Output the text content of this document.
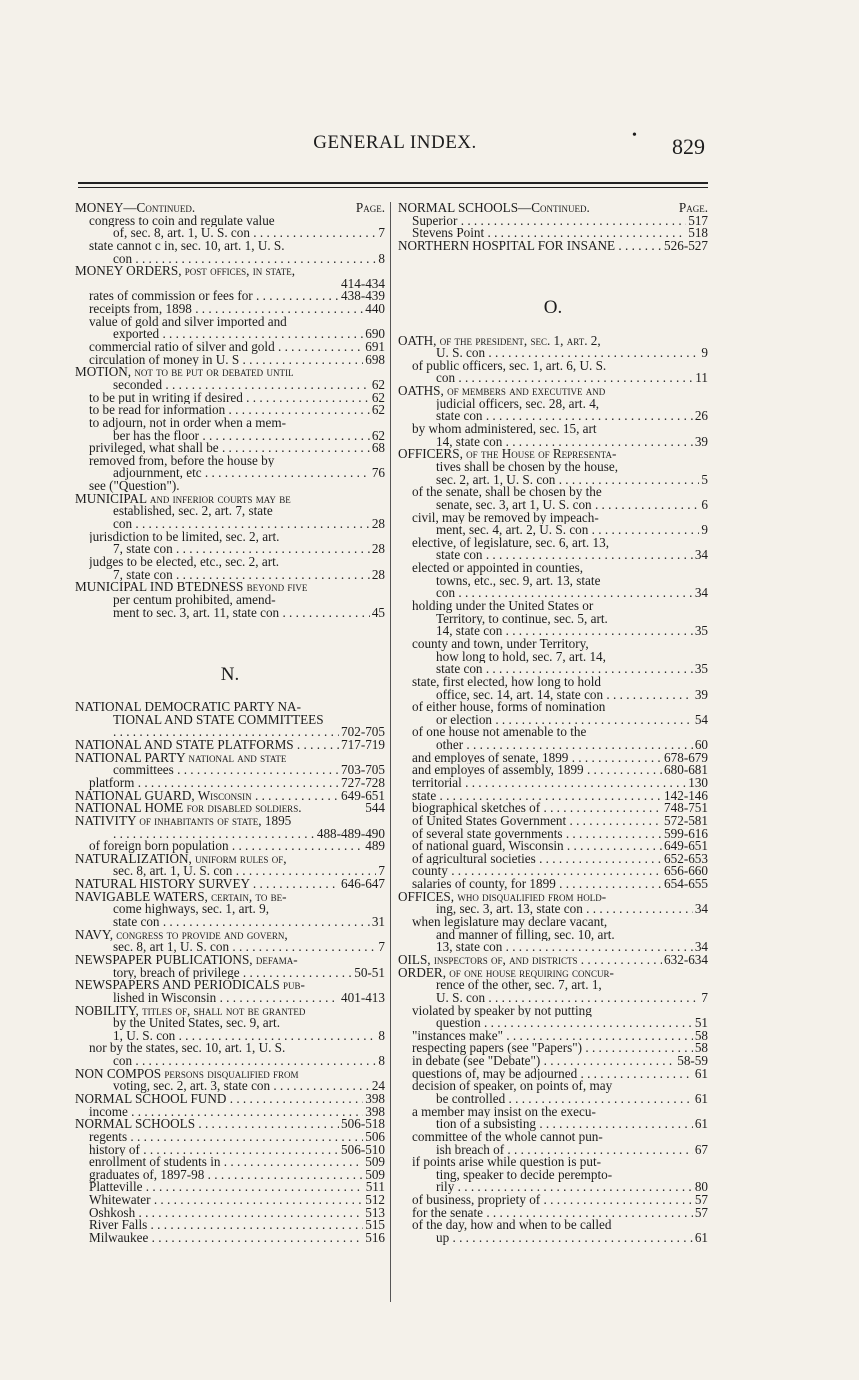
GENERAL INDEX.	• 829
MONEY—Continued.	Page.
congress to coin and regulate value
of, sec. 8, art. 1, U. S. con . . .	7
state cannot c in, sec. 10, art. 1, U. S.
con . . .	8
MONEY ORDERS, post offices, in state,
414-434
rates of commission or fees for . . .	438-439
receipts from, 1898 . . .	440
value of gold and silver imported and
exported . . .	690
commercial ratio of silver and gold . . .	691
circulation of money in U. S . . .	698
MOTION, not to be put or debated until
seconded . . .	62
to be put in writing if desired . . .	62
to be read for information . . .	62
to adjourn, not in order when a mem-
ber has the floor . . .	62
privileged, what shall be . . .	68
removed from, before the house by
adjournment, etc . . .	76
see ("Question").
MUNICIPAL and inferior courts may be
established, sec. 2, art. 7, state
con . . .	28
jurisdiction to be limited, sec. 2, art.
7, state con . . .	28
judges to be elected, etc., sec. 2, art.
7, state con . . .	28
MUNICIPAL IND BTEDNESS beyond five
per centum prohibited, amend-
ment to sec. 3, art. 11, state con . . .	45
N.
NATIONAL DEMOCRATIC PARTY NA-
TIONAL AND STATE COMMITTEES
. . .
702-705
NATIONAL AND STATE PLATFORMS . . .	717-719
NATIONAL PARTY national and state
committees . . .	703-705
platform . . .	727-728
NATIONAL GUARD, Wisconsin . . .	649-651
NATIONAL HOME for disabled soldiers.	544
NATIVITY of inhabitants of state, 1895
. . .
488-489-490
of foreign born population . . .	489
NATURALIZATION, uniform rules of,
sec. 8, art. 1, U. S. con . . .	7
NATURAL HISTORY SURVEY . . .	646-647
NAVIGABLE WATERS, certain, to be-
come highways, sec. 1, art. 9,
state con . . .	31
NAVY, congress to provide and govern,
sec. 8, art 1, U. S. con . . .	7
NEWSPAPER PUBLICATIONS, defama-
tory, breach of privilege . . .	50-51
NEWSPAPERS AND PERIODICALS pub-
lished in Wisconsin . . .	401-413
NOBILITY, titles of, shall not be granted
by the United States, sec. 9, art.
1, U. S. con . . .	8
nor by the states, sec. 10, art. 1, U. S.
con . . .	8
NON COMPOS persons disqualified from
voting, sec. 2, art. 3, state con . . .	24
NORMAL SCHOOL FUND . . .	398
income . . .	398
NORMAL SCHOOLS . . .	506-518
regents . . .	506
history of . . .	506-510
enrollment of students in . . .	509
graduates of, 1897-98 . . .	509
Platteville . . .	511
Whitewater . . .	512
Oshkosh . . .	513
River Falls . . .	515
Milwaukee . . .	516
NORMAL SCHOOLS—Continued.	Page.
Superior . . .	517
Stevens Point . . .	518
NORTHERN HOSPITAL FOR INSANE . . .	526-527
O.
OATH, of the president, sec. 1, art. 2,
U. S. con . . .	9
of public officers, sec. 1, art. 6, U. S.
con . . .	11
OATHS, of members and executive and
judicial officers, sec. 28, art. 4,
state con . . .	26
by whom administered, sec. 15, art
14, state con . . .	39
OFFICERS, of the House of Representa-
tives shall be chosen by the house,
sec. 2, art. 1, U. S. con . . .	5
of the senate, shall be chosen by the
senate, sec. 3, art 1, U. S. con . . .	6
civil, may be removed by impeach-
ment, sec. 4, art. 2, U. S. con . . .	9
elective, of legislature, sec. 6, art. 13,
state con . . .	34
elected or appointed in counties,
towns, etc., sec. 9, art. 13, state
con . . .	34
holding under the United States or
Territory, to continue, sec. 5, art.
14, state con . . .	35
county and town, under Territory,
how long to hold, sec. 7, art. 14,
state con . . .	35
state, first elected, how long to hold
office, sec. 14, art. 14, state con . . .	39
of either house, forms of nomination
or election . . .	54
of one house not amenable to the
other . . .	60
and employes of senate, 1899 . . .	678-679
and employes of assembly, 1899 . . .	680-681
territorial . . .	130
state . . .	142-146
biographical sketches of . . .	748-751
of United States Government . . .	572-581
of several state governments . . .	599-616
of national guard, Wisconsin . . .	649-651
of agricultural societies . . .	652-653
county . . .	656-660
salaries of county, for 1899 . . .	654-655
OFFICES, who disqualified from hold-
ing, sec. 3, art. 13, state con . . .	34
when legislature may declare vacant,
and manner of filling, sec. 10, art.
13, state con . . .	34
OILS, inspectors of, and districts . . .	632-634
ORDER, of one house requiring concur-
rence of the other, sec. 7, art. 1,
U. S. con . . .	7
violated by speaker by not putting
question . . .	51
"instances make" . . .	58
respecting papers (see "Papers") . . .	58
in debate (see "Debate") . . .	58-59
questions of, may be adjourned . . .	61
decision of speaker, on points of, may
be controlled . . .	61
a member may insist on the execu-
tion of a subsisting . . .	61
committee of the whole cannot pun-
ish breach of . . .	67
if points arise while question is put-
ting, speaker to decide perempto-
rily . . .	80
of business, propriety of . . .	57
for the senate . . .	57
of the day, how and when to be called
up . . .	61
